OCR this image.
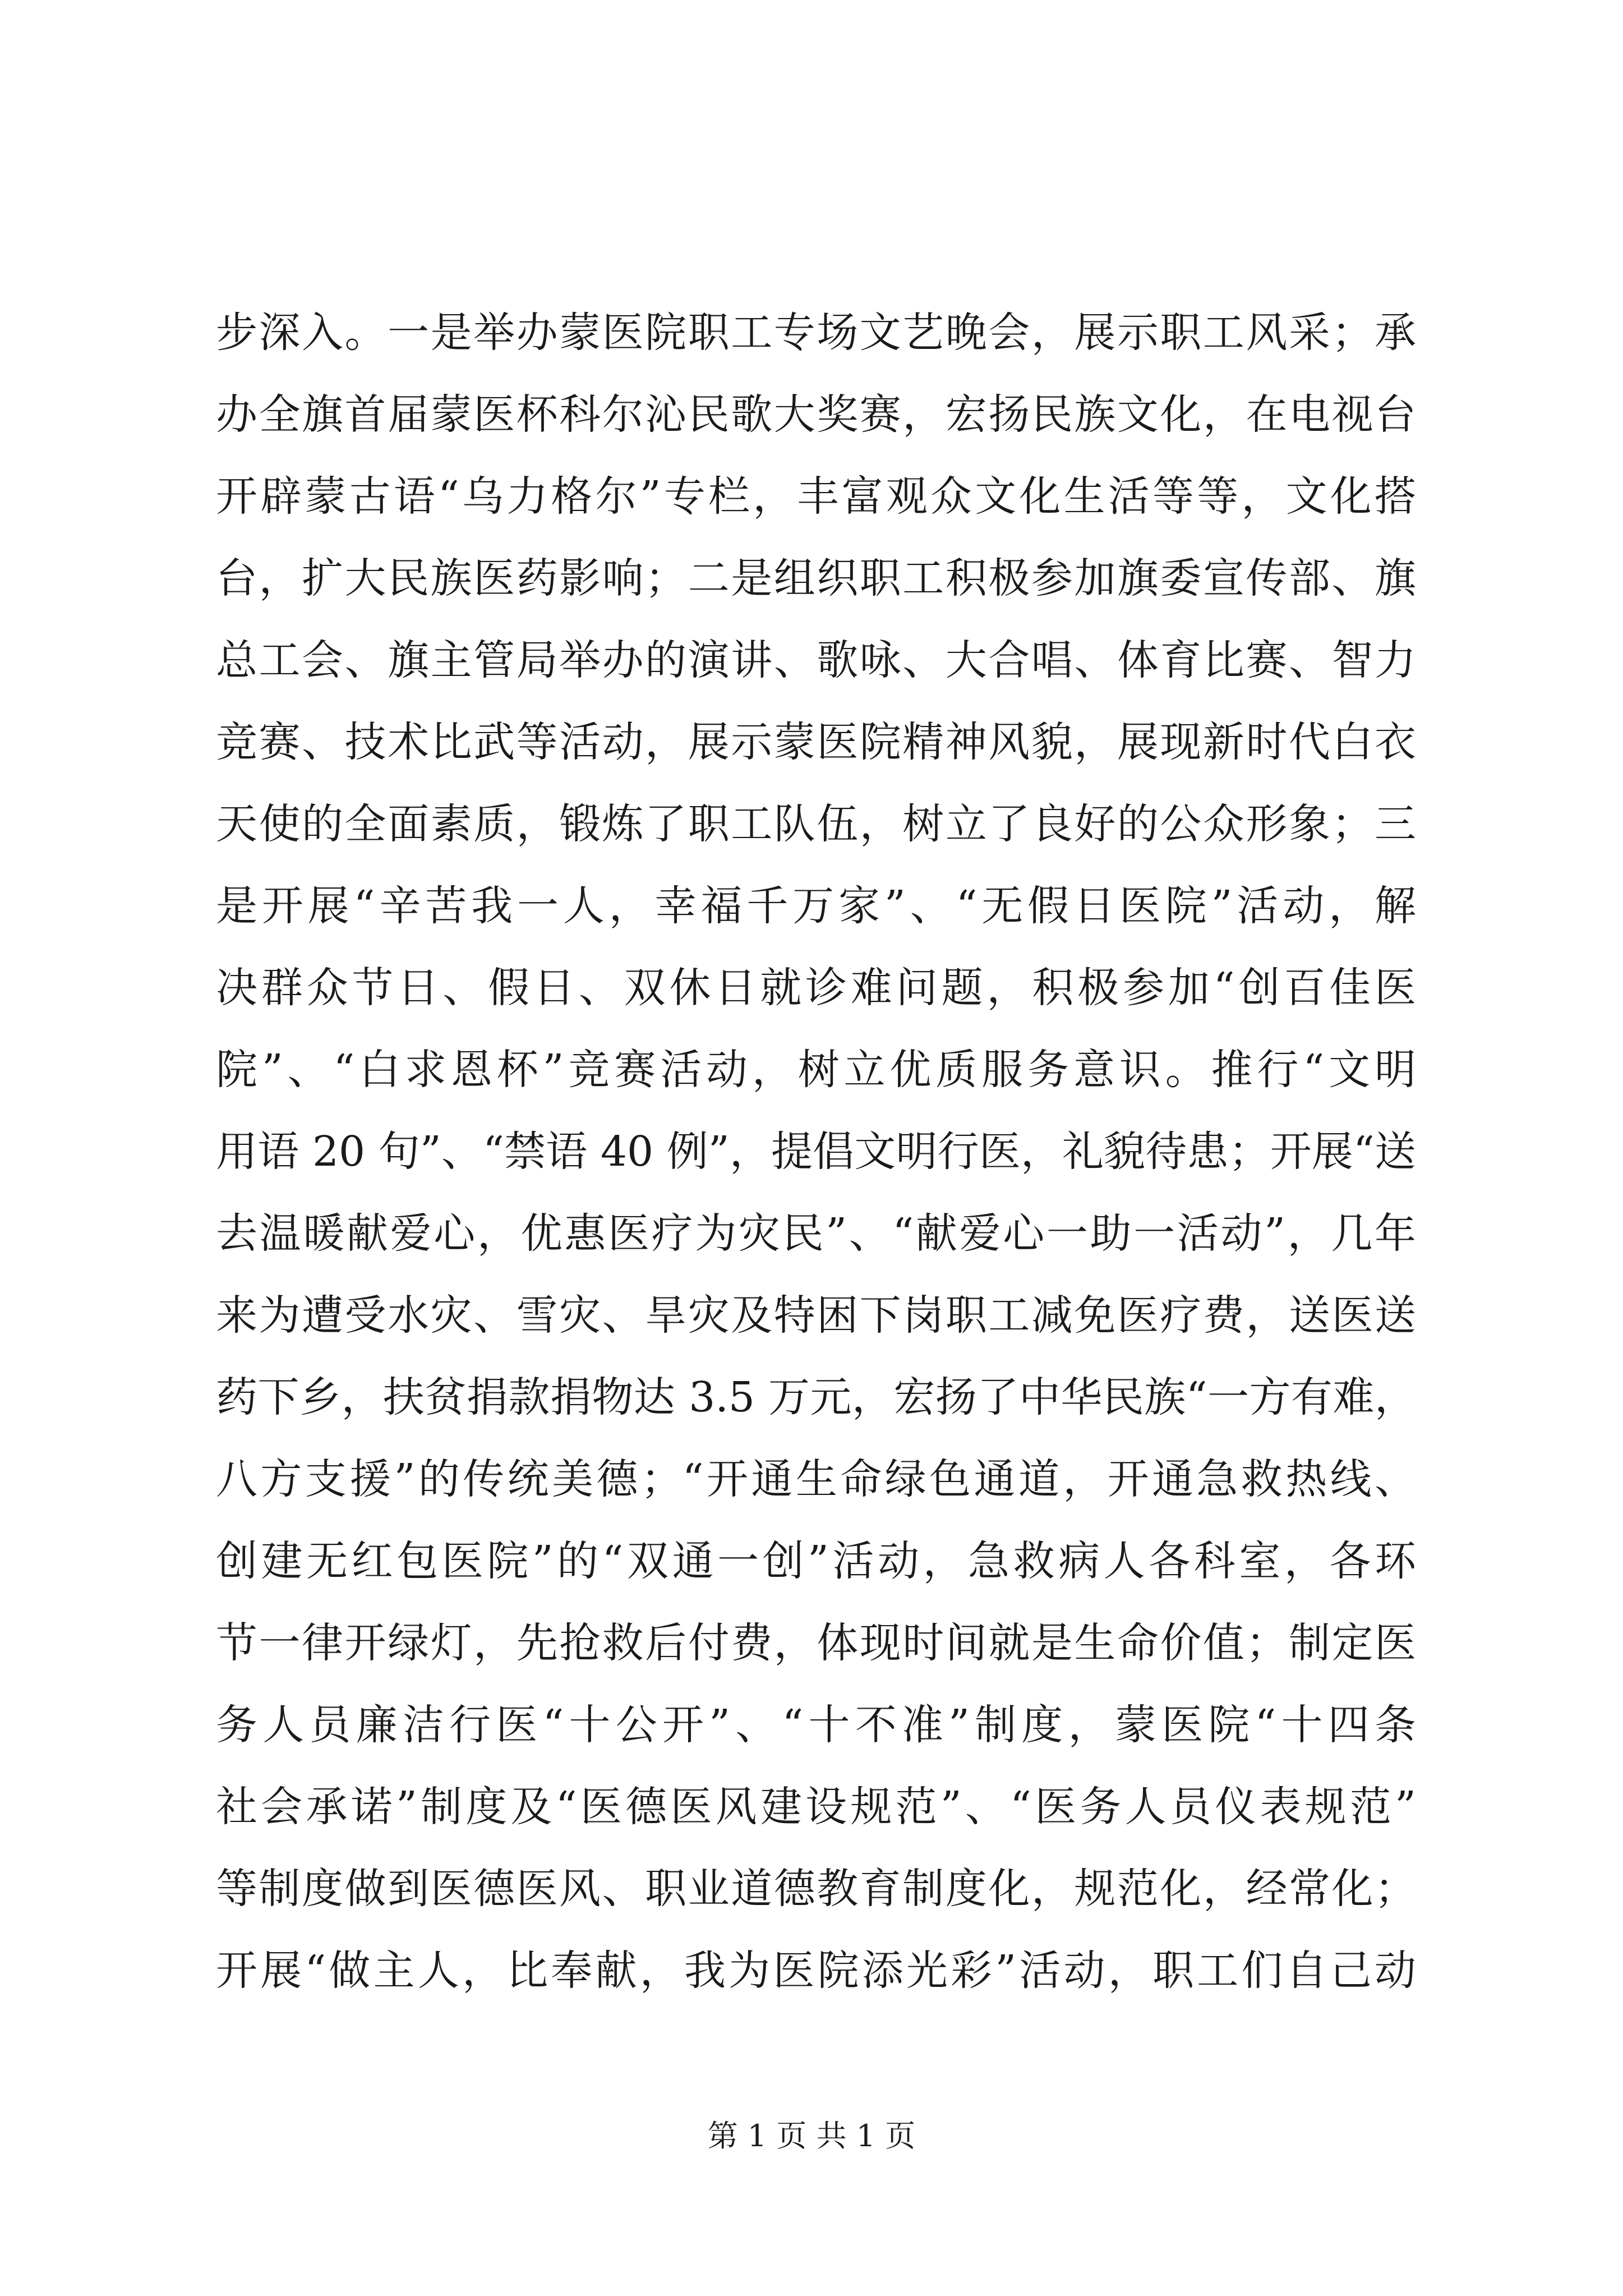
步深入。一是举办蒙医院职工专场文艺晚会，展示职工风采；承
办全旗首届蒙医杯科尔沁民歌大奖赛，宏扬民族文化，在电视台
开辟蒙古语“乌力格尔”专栏，丰富观众文化生活等等，文化搭
台，扩大民族医药影响；二是组织职工积极参加旗委宣传部、旗
总工会、旗主管局举办的演讲、歌咏、大合唱、体育比赛、智力
竞赛、技术比武等活动，展示蒙医院精神风貌，展现新时代白衣
天使的全面素质，锻炼了职工队伍，树立了良好的公众形象；三
是开展“辛苦我一人，幸福千万家”、“无假日医院”活动，解
决群众节日、假日、双休日就诊难问题，积极参加“创百佳医
院”、“白求恩杯”竞赛活动，树立优质服务意识。推行“文明
用语 20 句”、“禁语 40 例”，提倡文明行医，礼貌待患；开展“送
去温暖献爱心，优惠医疗为灾民”、“献爱心一助一活动”，几年
来为遭受水灾、雪灾、旱灾及特困下岗职工减免医疗费，送医送
药下乡，扶贫捐款捐物达 3.5 万元，宏扬了中华民族“一方有难，
八方支援”的传统美德；“开通生命绿色通道，开通急救热线、
创建无红包医院”的“双通一创”活动，急救病人各科室，各环
节一律开绿灯，先抢救后付费，体现时间就是生命价值；制定医
务人员廉洁行医“十公开”、“十不准”制度，蒙医院“十四条
社会承诺”制度及“医德医风建设规范”、“医务人员仪表规范”
等制度做到医德医风、职业道德教育制度化，规范化，经常化；
开展“做主人，比奉献，我为医院添光彩”活动，职工们自己动
第 1 页 共 1 页
